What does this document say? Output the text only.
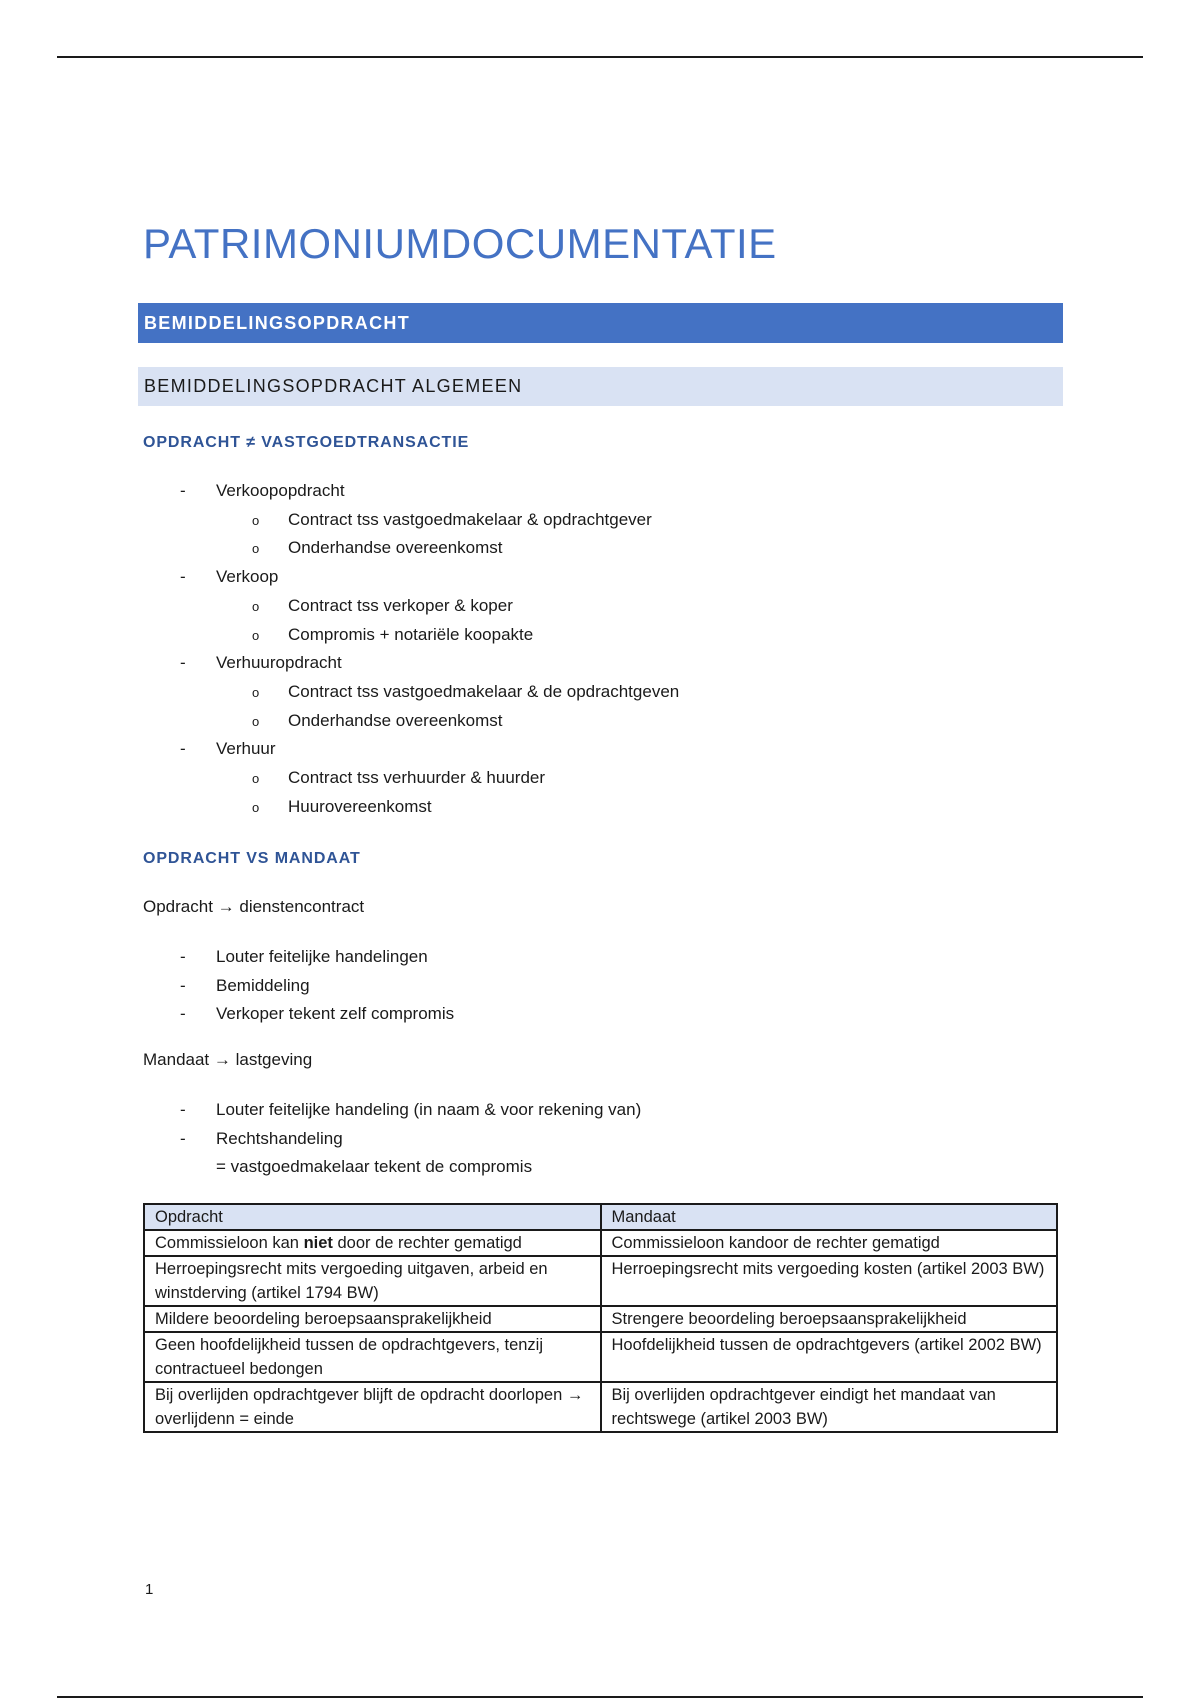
PATRIMONIUMDOCUMENTATIE
BEMIDDELINGSOPDRACHT
BEMIDDELINGSOPDRACHT ALGEMEEN
OPDRACHT ≠ VASTGOEDTRANSACTIE
- Verkoopopdracht
o Contract tss vastgoedmakelaar & opdrachtgever
o Onderhandse overeenkomst
- Verkoop
o Contract tss verkoper & koper
o Compromis + notariële koopakte
- Verhuuropdracht
o Contract tss vastgoedmakelaar & de opdrachtgeven
o Onderhandse overeenkomst
- Verhuur
o Contract tss verhuurder & huurder
o Huurovereenkomst
OPDRACHT VS MANDAAT

Opdracht → dienstencontract

- Louter feitelijke handelingen
- Bemiddeling
- Verkoper tekent zelf compromis

Mandaat → lastgeving

- Louter feitelijke handeling (in naam & voor rekening van)
- Rechtshandeling
= vastgoedmakelaar tekent de compromis
Opdracht	Mandaat
Commissieloon kan niet door de rechter gematigd	Commissieloon kandoor de rechter gematigd
Herroepingsrecht mits vergoeding uitgaven, arbeid en winstderving (artikel 1794 BW)	Herroepingsrecht mits vergoeding kosten (artikel 2003 BW)
Mildere beoordeling beroepsaansprakelijkheid	Strengere beoordeling beroepsaansprakelijkheid
Geen hoofdelijkheid tussen de opdrachtgevers, tenzij contractueel bedongen	Hoofdelijkheid tussen de opdrachtgevers (artikel 2002 BW)
Bij overlijden opdrachtgever blijft de opdracht doorlopen → overlijdenn = einde	Bij overlijden opdrachtgever eindigt het mandaat van rechtswege (artikel 2003 BW)
1
